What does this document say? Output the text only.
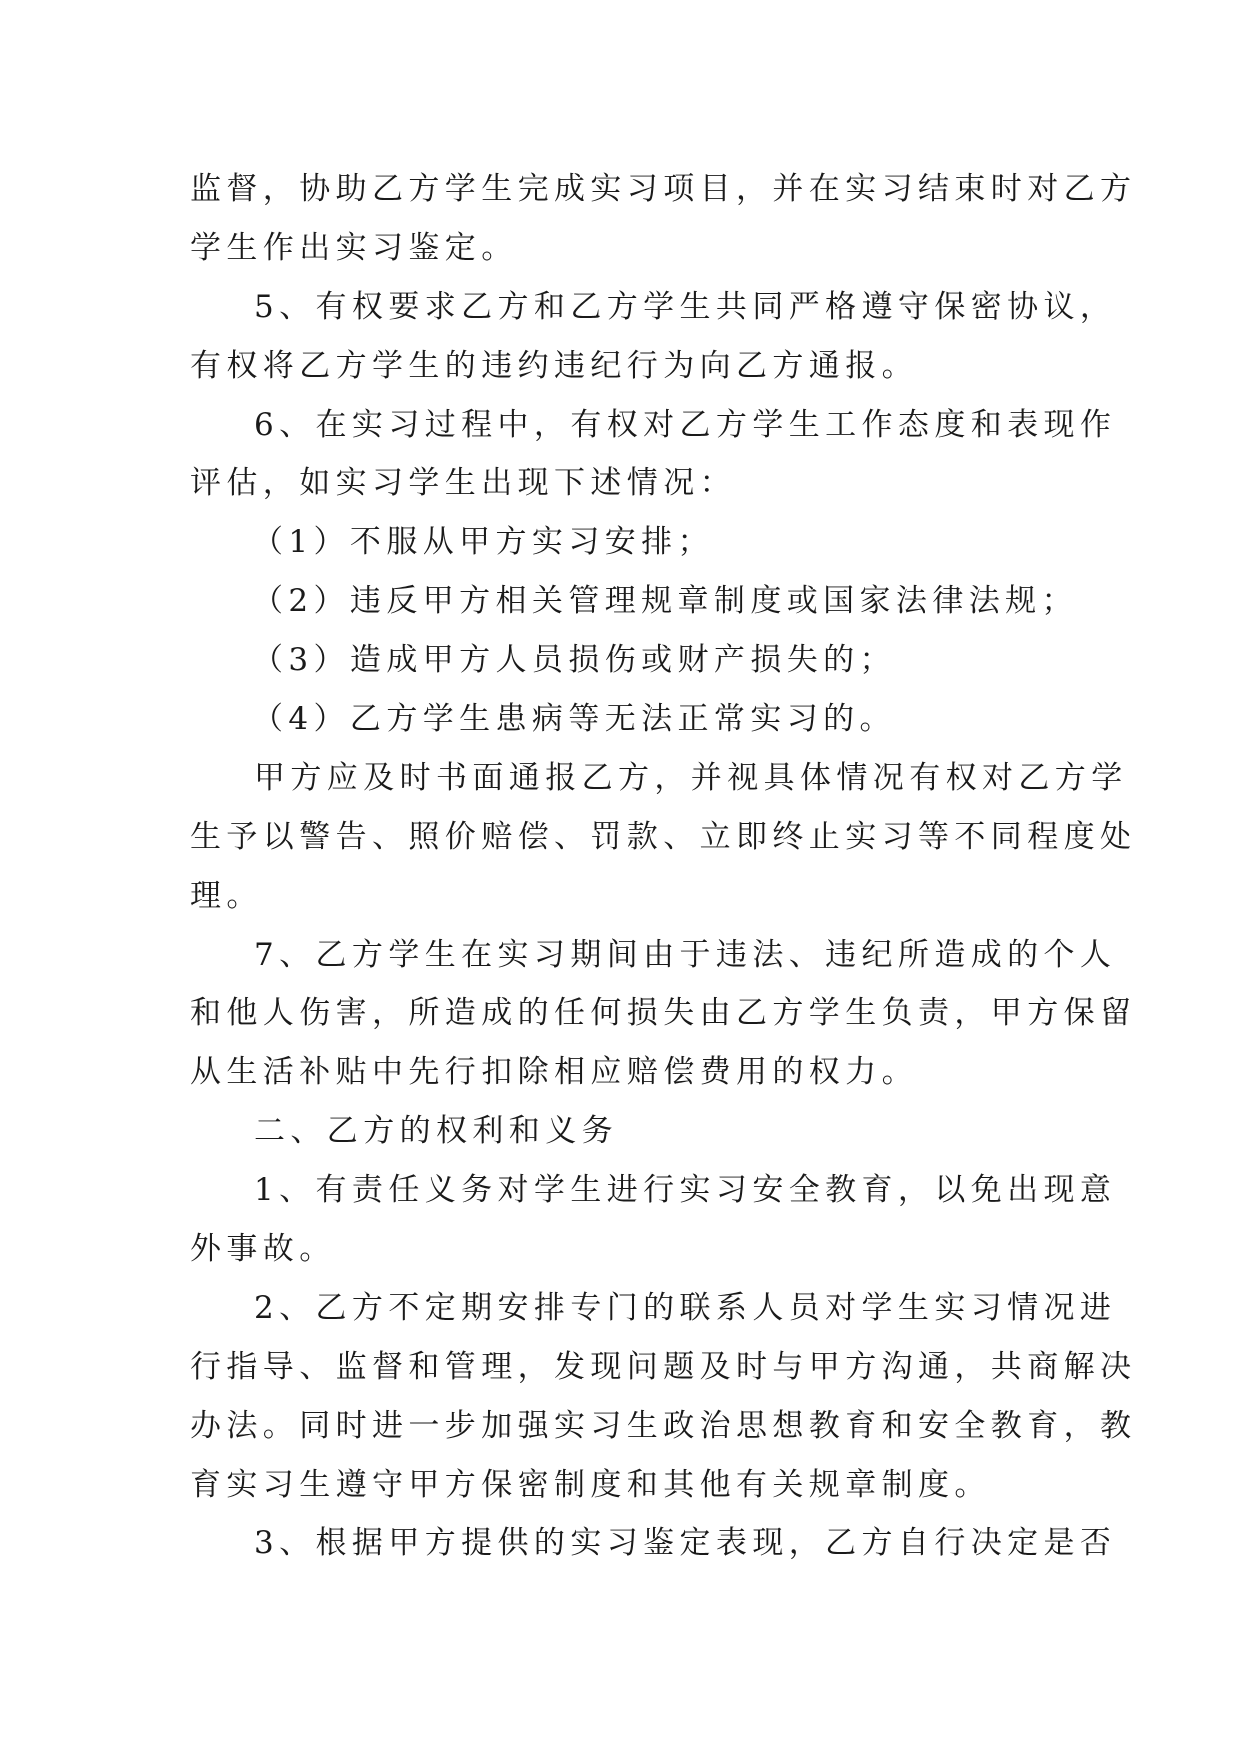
监督，协助乙方学生完成实习项目，并在实习结束时对乙方
学生作出实习鉴定。
5、有权要求乙方和乙方学生共同严格遵守保密协议，
有权将乙方学生的违约违纪行为向乙方通报。
6、在实习过程中，有权对乙方学生工作态度和表现作
评估，如实习学生出现下述情况：
（1）不服从甲方实习安排；
（2）违反甲方相关管理规章制度或国家法律法规；
（3）造成甲方人员损伤或财产损失的；
（4）乙方学生患病等无法正常实习的。
甲方应及时书面通报乙方，并视具体情况有权对乙方学
生予以警告、照价赔偿、罚款、立即终止实习等不同程度处
理。
7、乙方学生在实习期间由于违法、违纪所造成的个人
和他人伤害，所造成的任何损失由乙方学生负责，甲方保留
从生活补贴中先行扣除相应赔偿费用的权力。
二、乙方的权利和义务
1、有责任义务对学生进行实习安全教育，以免出现意
外事故。
2、乙方不定期安排专门的联系人员对学生实习情况进
行指导、监督和管理，发现问题及时与甲方沟通，共商解决
办法。同时进一步加强实习生政治思想教育和安全教育，教
育实习生遵守甲方保密制度和其他有关规章制度。
3、根据甲方提供的实习鉴定表现，乙方自行决定是否
